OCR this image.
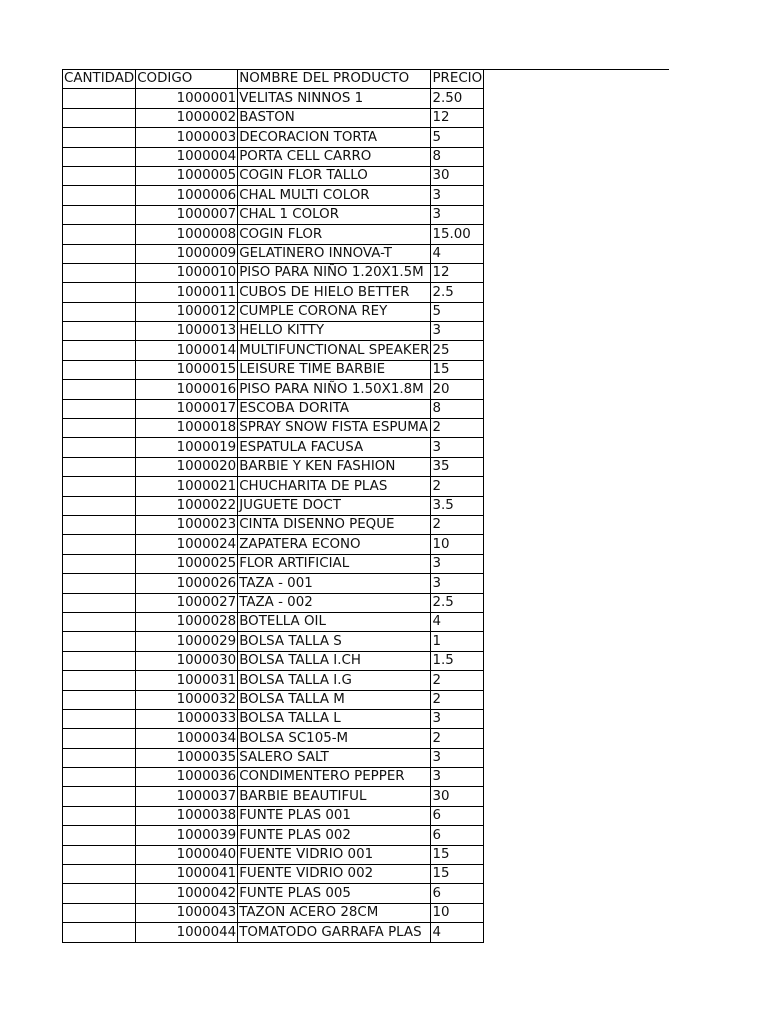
CANTIDAD	CODIGO	NOMBRE DEL PRODUCTO	PRECIO
	1000001	VELITAS NINNOS 1	2.50
	1000002	BASTON	12
	1000003	DECORACION TORTA	5
	1000004	PORTA CELL CARRO	8
	1000005	COGIN FLOR TALLO	30
	1000006	CHAL MULTI COLOR	3
	1000007	CHAL 1 COLOR	3
	1000008	COGIN FLOR	15.00
	1000009	GELATINERO INNOVA-T	4
	1000010	PISO PARA NIÑO 1.20X1.5M	12
	1000011	CUBOS DE HIELO BETTER	2.5
	1000012	CUMPLE CORONA REY	5
	1000013	HELLO KITTY	3
	1000014	MULTIFUNCTIONAL SPEAKER	25
	1000015	LEISURE TIME BARBIE	15
	1000016	PISO PARA NIÑO 1.50X1.8M	20
	1000017	ESCOBA DORITA	8
	1000018	SPRAY SNOW FISTA ESPUMA	2
	1000019	ESPATULA FACUSA	3
	1000020	BARBIE Y KEN FASHION	35
	1000021	CHUCHARITA DE PLAS	2
	1000022	JUGUETE DOCT	3.5
	1000023	CINTA DISENNO PEQUE	2
	1000024	ZAPATERA ECONO	10
	1000025	FLOR ARTIFICIAL	3
	1000026	TAZA - 001	3
	1000027	TAZA - 002	2.5
	1000028	BOTELLA OIL	4
	1000029	BOLSA TALLA S	1
	1000030	BOLSA TALLA I.CH	1.5
	1000031	BOLSA TALLA I.G	2
	1000032	BOLSA TALLA M	2
	1000033	BOLSA TALLA L	3
	1000034	BOLSA SC105-M	2
	1000035	SALERO SALT	3
	1000036	CONDIMENTERO PEPPER	3
	1000037	BARBIE BEAUTIFUL	30
	1000038	FUNTE PLAS 001	6
	1000039	FUNTE PLAS 002	6
	1000040	FUENTE VIDRIO 001	15
	1000041	FUENTE VIDRIO 002	15
	1000042	FUNTE PLAS 005	6
	1000043	TAZON ACERO 28CM	10
	1000044	TOMATODO GARRAFA PLAS	4
